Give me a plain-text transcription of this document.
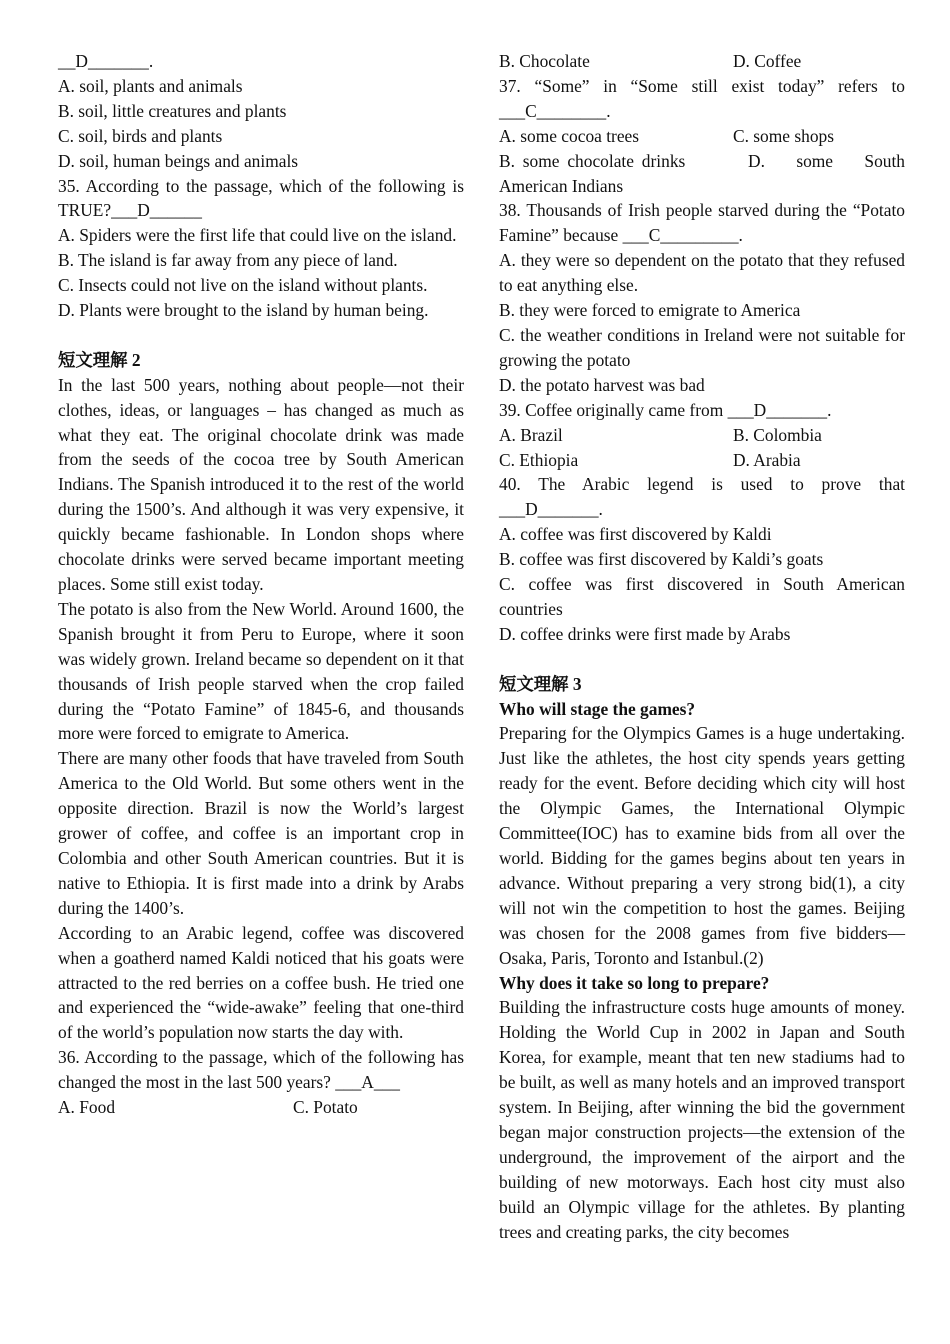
__D_______.

A. soil, plants and animals

B. soil, little creatures and plants

C. soil, birds and plants

D. soil, human beings and animals

35. According to the passage, which of the following is TRUE?___D______

A. Spiders were the first life that could live on the island.

B. The island is far away from any piece of land.

C. Insects could not live on the island without plants.

D. Plants were brought to the island by human being.

短文理解 2

In the last 500 years, nothing about people—not their clothes, ideas, or languages – has changed as much as what they eat. The original chocolate drink was made from the seeds of the cocoa tree by South American Indians. The Spanish introduced it to the rest of the world during the 1500’s. And although it was very expensive, it quickly became fashionable. In London shops where chocolate drinks were served became important meeting places. Some still exist today.

The potato is also from the New World. Around 1600, the Spanish brought it from Peru to Europe, where it soon was widely grown. Ireland became so dependent on it that thousands of Irish people starved when the crop failed during the “Potato Famine” of 1845-6, and thousands more were forced to emigrate to America.

There are many other foods that have traveled from South America to the Old World. But some others went in the opposite direction. Brazil is now the World’s largest grower of coffee, and coffee is an important crop in Colombia and other South American countries. But it is native to Ethiopia. It is first made into a drink by Arabs during the 1400’s.

According to an Arabic legend, coffee was discovered when a goatherd named Kaldi noticed that his goats were attracted to the red berries on a coffee bush. He tried one and experienced the “wide-awake” feeling that one-third of the world’s population now starts the day with.

36. According to the passage, which of the following has changed the most in the last 500 years? ___A___

A. Food	C. Potato
B. Chocolate	D. Coffee

37. “Some” in “Some still exist today” refers to ___C________.

A. some cocoa trees	C. some shops

B. some chocolate drinks        D.    some    South American Indians

38. Thousands of Irish people starved during the “Potato Famine” because ___C_________.

A. they were so dependent on the potato that they refused to eat anything else.

B. they were forced to emigrate to America

C. the weather conditions in Ireland were not suitable for growing the potato

D. the potato harvest was bad

39. Coffee originally came from ___D_______.

A. Brazil	B. Colombia
C. Ethiopia	D. Arabia

40. The Arabic legend is used to prove that ___D_______.

A. coffee was first discovered by Kaldi

B. coffee was first discovered by Kaldi’s goats

C. coffee was first discovered in South American countries

D. coffee drinks were first made by Arabs

短文理解 3

Who will stage the games?

Preparing for the Olympics Games is a huge undertaking. Just like the athletes, the host city spends years getting ready for the event. Before deciding which city will host the Olympic Games, the International Olympic Committee(IOC) has to examine bids from all over the world. Bidding for the games begins about ten years in advance. Without preparing a very strong bid(1), a city will not win the competition to host the games. Beijing was chosen for the 2008 games from five bidders—Osaka, Paris, Toronto and Istanbul.(2)

Why does it take so long to prepare?

Building the infrastructure costs huge amounts of money. Holding the World Cup in 2002 in Japan and South Korea, for example, meant that ten new stadiums had to be built, as well as many hotels and an improved transport system. In Beijing, after winning the bid the government began major construction projects—the extension of the underground, the improvement of the airport and the building of new motorways. Each host city must also build an Olympic village for the athletes. By planting trees and creating parks, the city becomes
